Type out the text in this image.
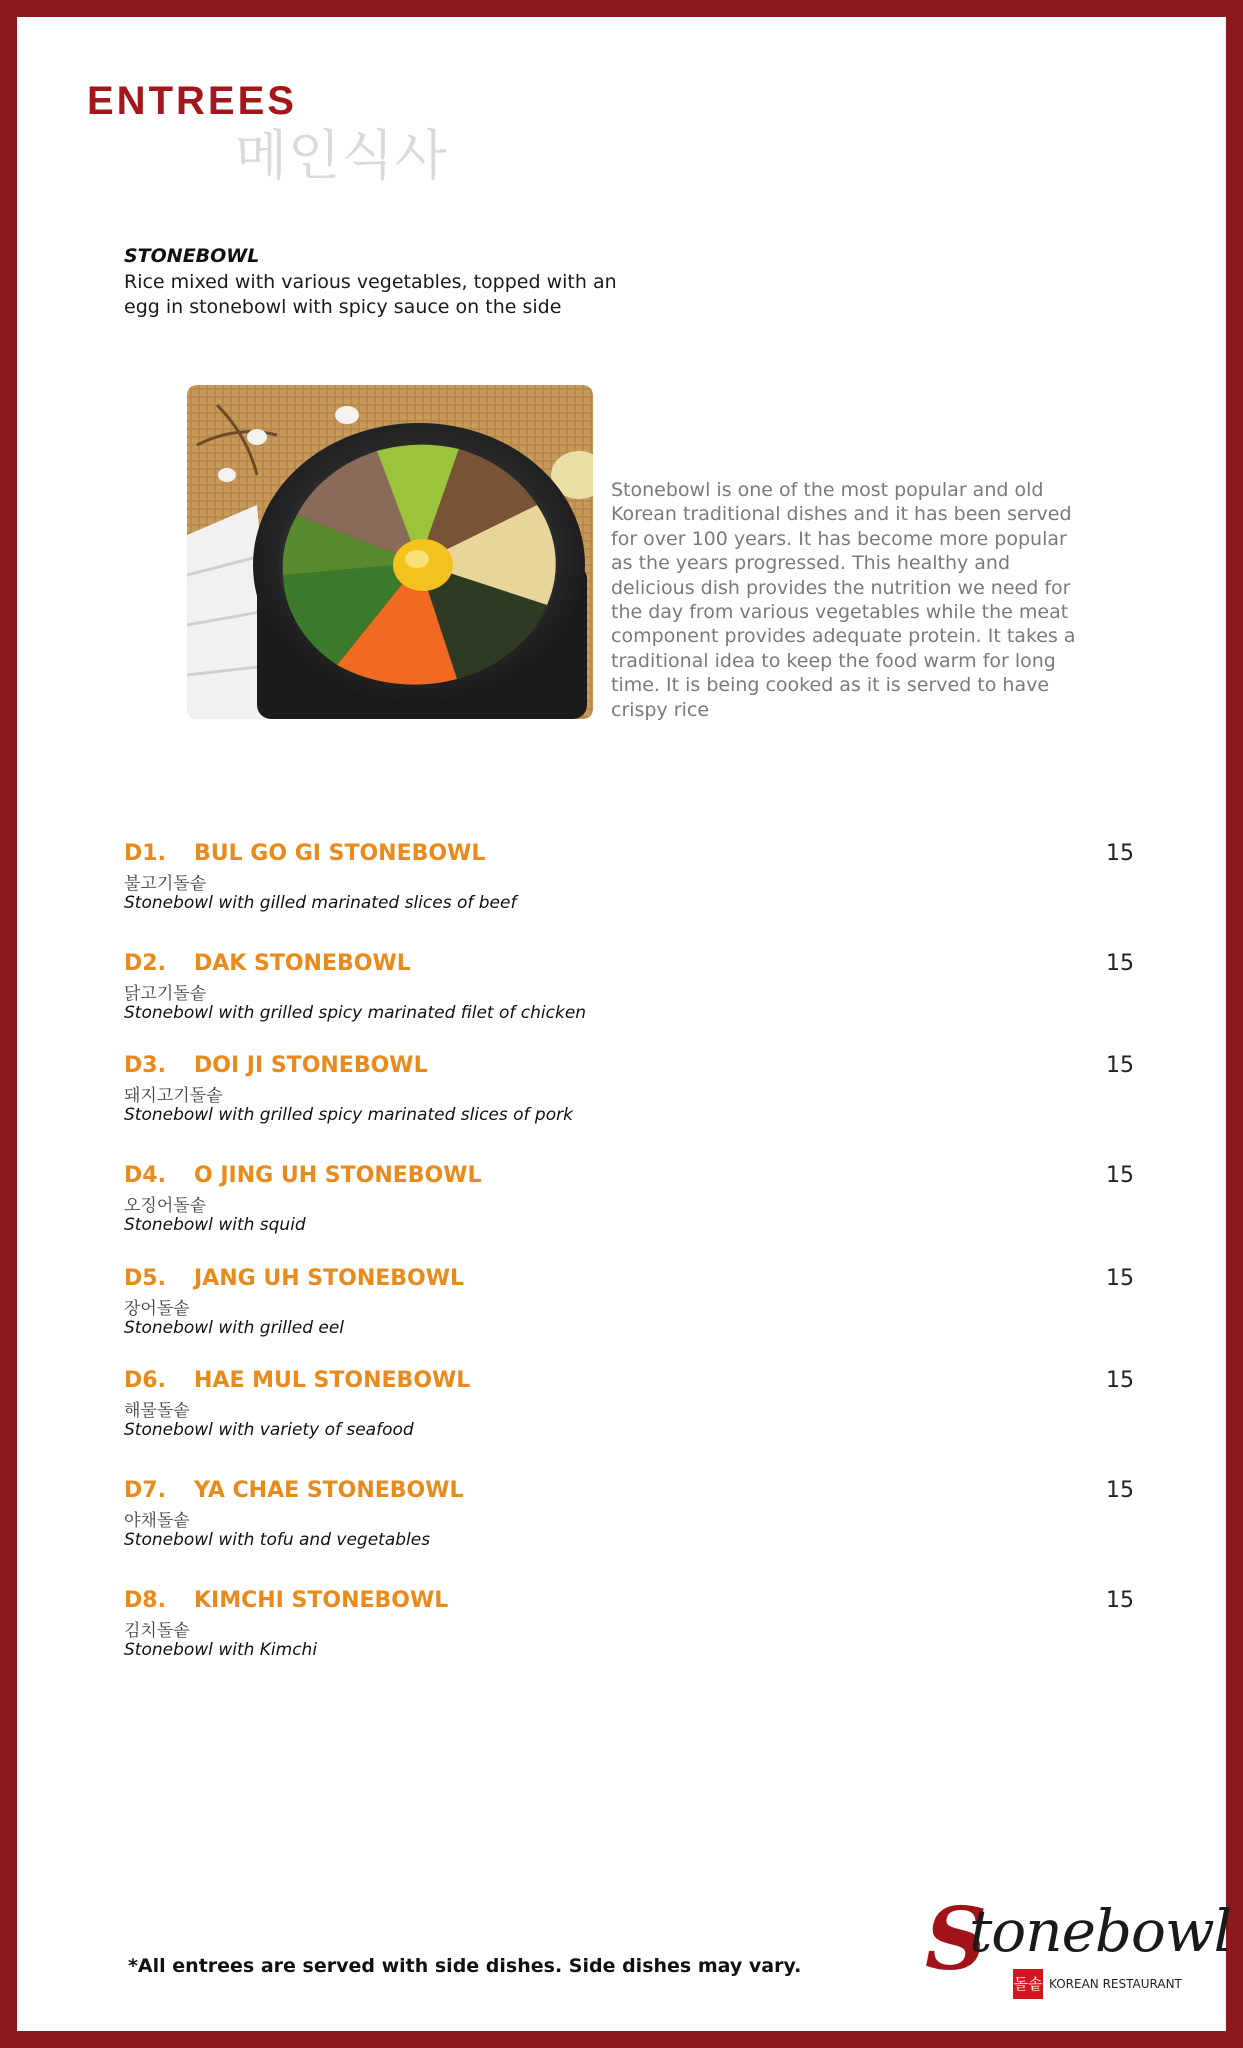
ENTREES
메인식사
STONEBOWL
Rice mixed with various vegetables, topped with an egg in stonebowl with spicy sauce on the side
Stonebowl is one of the most popular and old Korean traditional dishes and it has been served for over 100 years. It has become more popular as the years progressed. This healthy and delicious dish provides the nutrition we need for the day from various vegetables while the meat component provides adequate protein. It takes a traditional idea to keep the food warm for long time. It is being cooked as it is served to have crispy rice
D1. BUL GO GI STONEBOWL	15
불고기돌솥
Stonebowl with gilled marinated slices of beef
D2. DAK STONEBOWL	15
닭고기돌솥
Stonebowl with grilled spicy marinated filet of chicken
D3. DOI JI STONEBOWL	15
돼지고기돌솥
Stonebowl with grilled spicy marinated slices of pork
D4. O JING UH STONEBOWL	15
오징어돌솥
Stonebowl with squid
D5. JANG UH STONEBOWL	15
장어돌솥
Stonebowl with grilled eel
D6. HAE MUL STONEBOWL	15
해물돌솥
Stonebowl with variety of seafood
D7. YA CHAE STONEBOWL	15
야채돌솥
Stonebowl with tofu and vegetables
D8. KIMCHI STONEBOWL	15
김치돌솥
Stonebowl with Kimchi
*All entrees are served with side dishes. Side dishes may vary. S
tonebowl
돌솥 KOREAN RESTAURANT
